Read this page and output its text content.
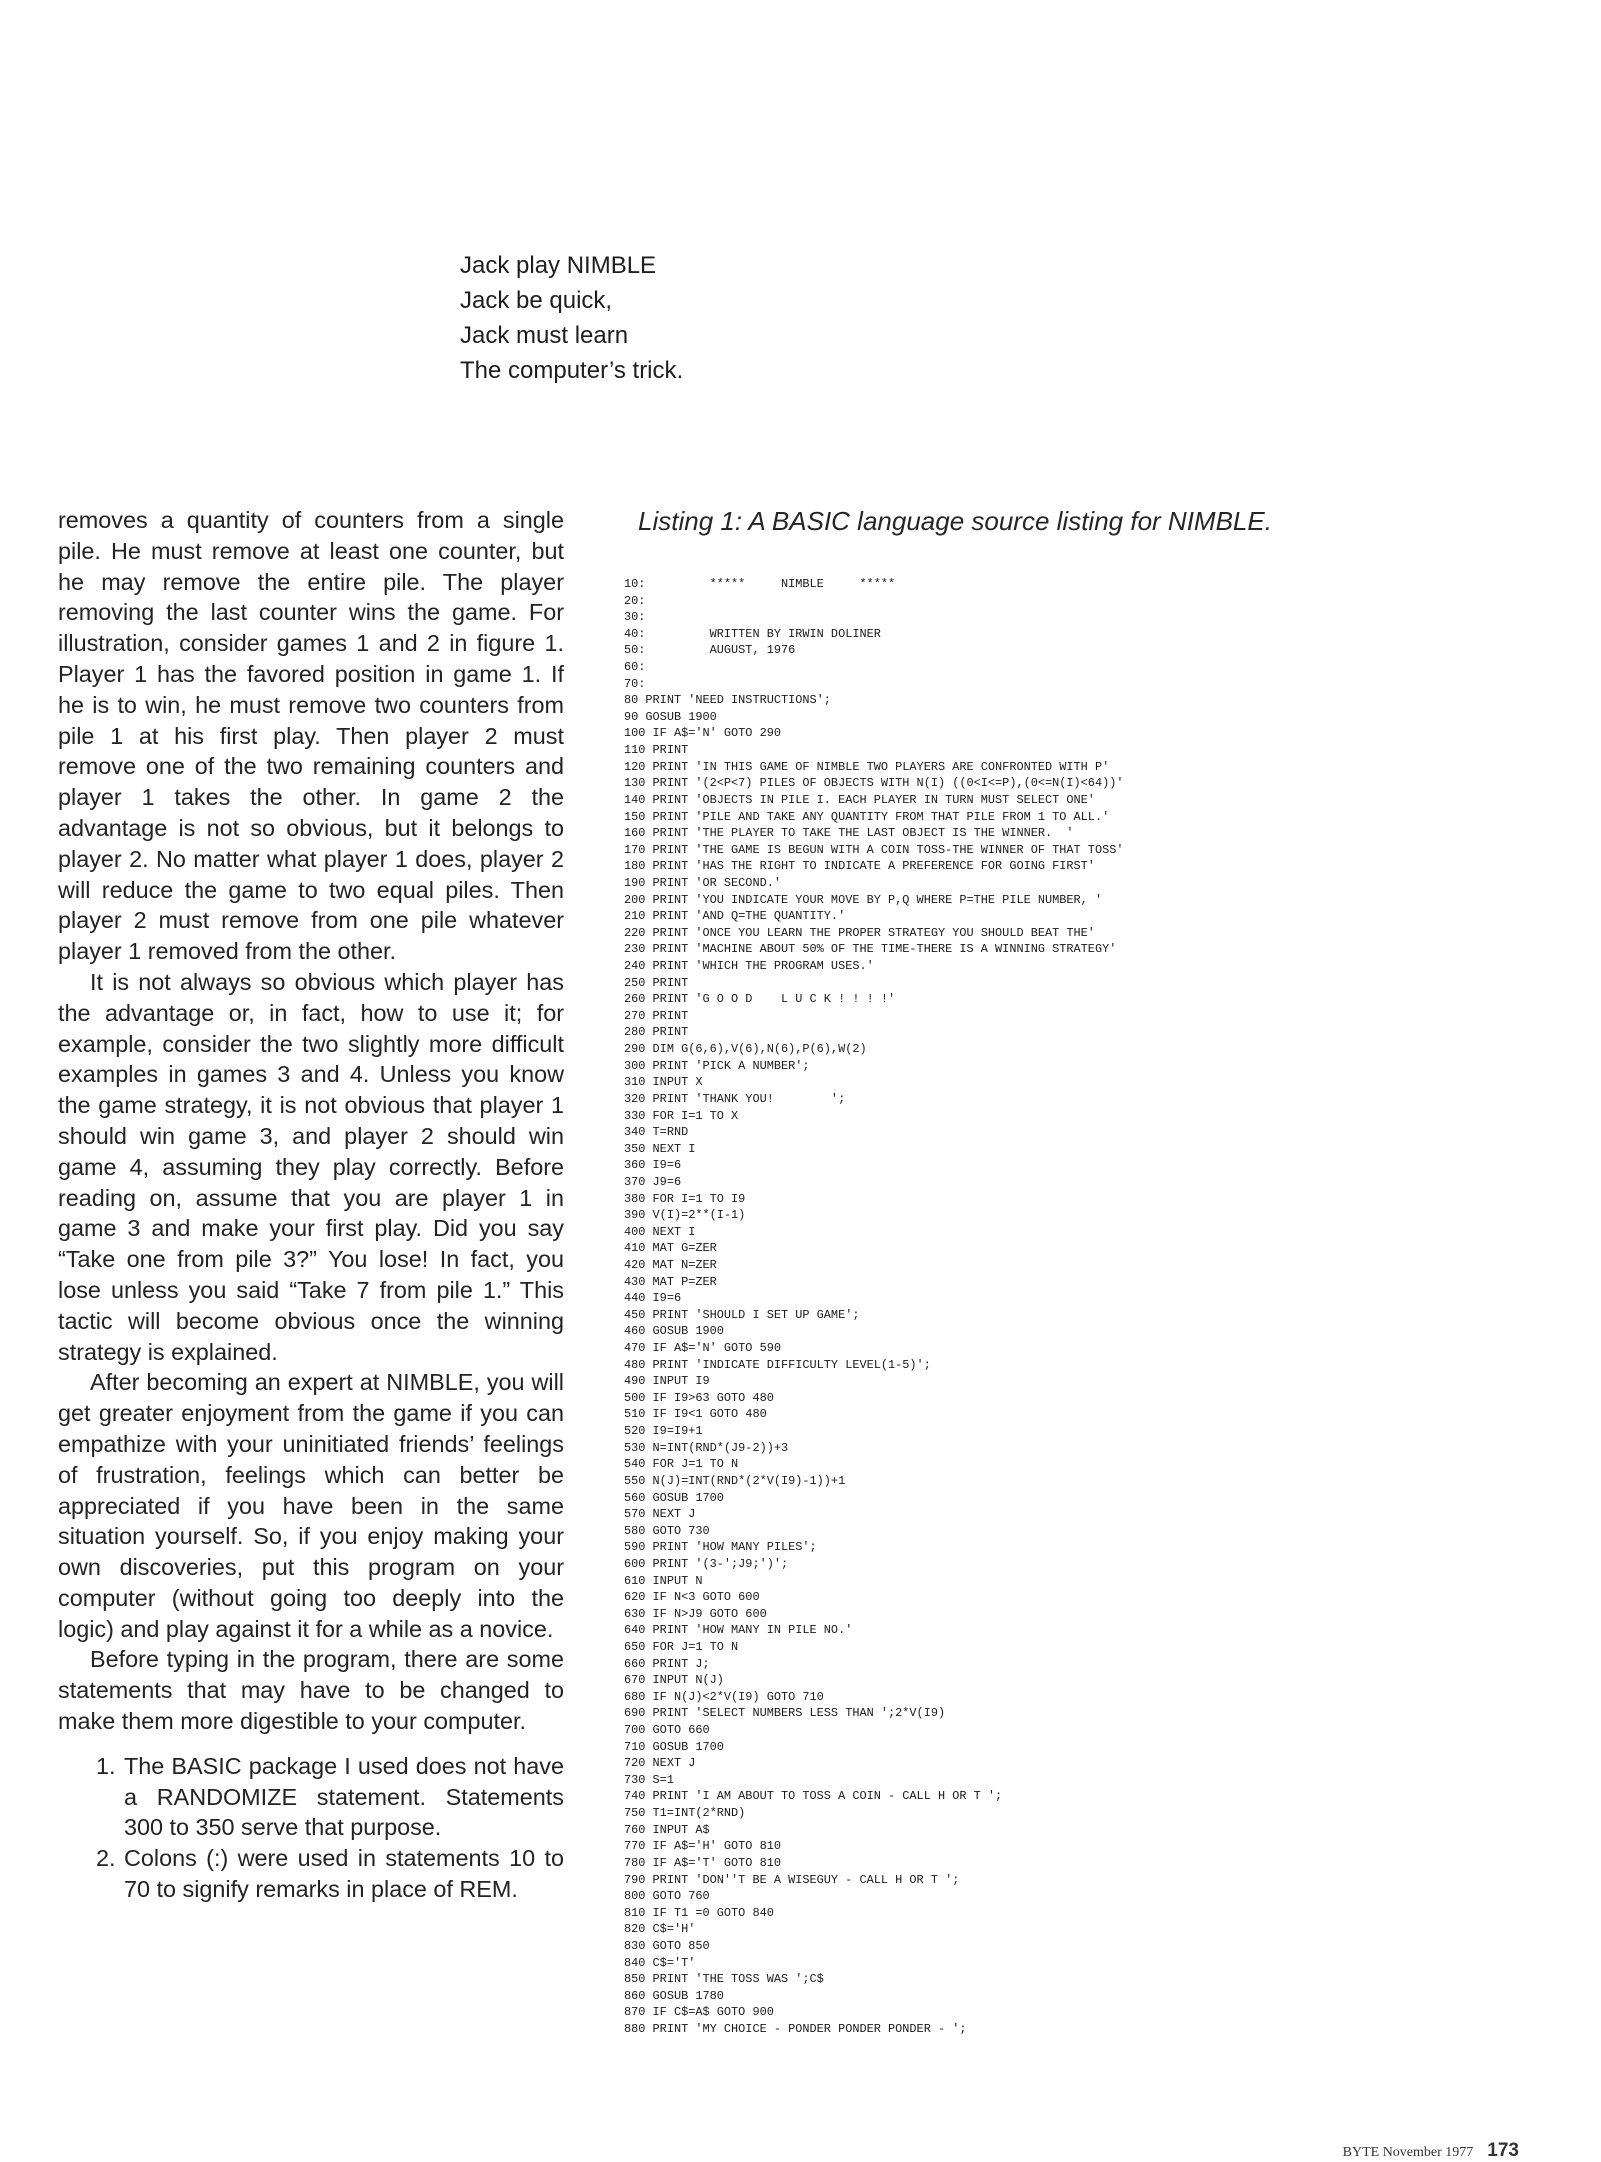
Jack play NIMBLE
Jack be quick,
Jack must learn
The computer’s trick.

removes a quantity of counters from a single pile. He must remove at least one counter, but he may remove the entire pile. The player removing the last counter wins the game. For illustration, consider games 1 and 2 in figure 1. Player 1 has the favored position in game 1. If he is to win, he must remove two counters from pile 1 at his first play. Then player 2 must remove one of the two remaining counters and player 1 takes the other. In game 2 the advantage is not so obvious, but it belongs to player 2. No matter what player 1 does, player 2 will reduce the game to two equal piles. Then player 2 must remove from one pile whatever player 1 removed from the other.

It is not always so obvious which player has the advantage or, in fact, how to use it; for example, consider the two slightly more difficult examples in games 3 and 4. Unless you know the game strategy, it is not obvious that player 1 should win game 3, and player 2 should win game 4, assuming they play correctly. Before reading on, assume that you are player 1 in game 3 and make your first play. Did you say “Take one from pile 3?” You lose! In fact, you lose unless you said “Take 7 from pile 1.” This tactic will become obvious once the winning strategy is explained.

After becoming an expert at NIMBLE, you will get greater enjoyment from the game if you can empathize with your uninitiated friends’ feelings of frustration, feelings which can better be appreciated if you have been in the same situation yourself. So, if you enjoy making your own discoveries, put this program on your computer (without going too deeply into the logic) and play against it for a while as a novice.

Before typing in the program, there are some statements that may have to be changed to make them more digestible to your computer.

1. The BASIC package I used does not have a RANDOMIZE statement. Statements 300 to 350 serve that purpose.
2. Colons (:) were used in statements 10 to 70 to signify remarks in place of REM.
Listing 1: A BASIC language source listing for NIMBLE.
10:         *****     NIMBLE     *****
20:
30:
40:         WRITTEN BY IRWIN DOLINER
50:         AUGUST, 1976
60:
70:
80 PRINT 'NEED INSTRUCTIONS';
90 GOSUB 1900
100 IF A$='N' GOTO 290
110 PRINT
120 PRINT 'IN THIS GAME OF NIMBLE TWO PLAYERS ARE CONFRONTED WITH P'
130 PRINT '(2<P<7) PILES OF OBJECTS WITH N(I) ((0<I<=P),(0<=N(I)<64))'
140 PRINT 'OBJECTS IN PILE I. EACH PLAYER IN TURN MUST SELECT ONE'
150 PRINT 'PILE AND TAKE ANY QUANTITY FROM THAT PILE FROM 1 TO ALL.'
160 PRINT 'THE PLAYER TO TAKE THE LAST OBJECT IS THE WINNER.  '
170 PRINT 'THE GAME IS BEGUN WITH A COIN TOSS-THE WINNER OF THAT TOSS'
180 PRINT 'HAS THE RIGHT TO INDICATE A PREFERENCE FOR GOING FIRST'
190 PRINT 'OR SECOND.'
200 PRINT 'YOU INDICATE YOUR MOVE BY P,Q WHERE P=THE PILE NUMBER, '
210 PRINT 'AND Q=THE QUANTITY.'
220 PRINT 'ONCE YOU LEARN THE PROPER STRATEGY YOU SHOULD BEAT THE'
230 PRINT 'MACHINE ABOUT 50% OF THE TIME-THERE IS A WINNING STRATEGY'
240 PRINT 'WHICH THE PROGRAM USES.'
250 PRINT
260 PRINT 'G O O D    L U C K ! ! ! !'
270 PRINT
280 PRINT
290 DIM G(6,6),V(6),N(6),P(6),W(2)
300 PRINT 'PICK A NUMBER';
310 INPUT X
320 PRINT 'THANK YOU!        ';
330 FOR I=1 TO X
340 T=RND
350 NEXT I
360 I9=6
370 J9=6
380 FOR I=1 TO I9
390 V(I)=2**(I-1)
400 NEXT I
410 MAT G=ZER
420 MAT N=ZER
430 MAT P=ZER
440 I9=6
450 PRINT 'SHOULD I SET UP GAME';
460 GOSUB 1900
470 IF A$='N' GOTO 590
480 PRINT 'INDICATE DIFFICULTY LEVEL(1-5)';
490 INPUT I9
500 IF I9>63 GOTO 480
510 IF I9<1 GOTO 480
520 I9=I9+1
530 N=INT(RND*(J9-2))+3
540 FOR J=1 TO N
550 N(J)=INT(RND*(2*V(I9)-1))+1
560 GOSUB 1700
570 NEXT J
580 GOTO 730
590 PRINT 'HOW MANY PILES';
600 PRINT '(3-';J9;')';
610 INPUT N
620 IF N<3 GOTO 600
630 IF N>J9 GOTO 600
640 PRINT 'HOW MANY IN PILE NO.'
650 FOR J=1 TO N
660 PRINT J;
670 INPUT N(J)
680 IF N(J)<2*V(I9) GOTO 710
690 PRINT 'SELECT NUMBERS LESS THAN ';2*V(I9)
700 GOTO 660
710 GOSUB 1700
720 NEXT J
730 S=1
740 PRINT 'I AM ABOUT TO TOSS A COIN - CALL H OR T ';
750 T1=INT(2*RND)
760 INPUT A$
770 IF A$='H' GOTO 810
780 IF A$='T' GOTO 810
790 PRINT 'DON''T BE A WISEGUY - CALL H OR T ';
800 GOTO 760
810 IF T1 =0 GOTO 840
820 C$='H'
830 GOTO 850
840 C$='T'
850 PRINT 'THE TOSS WAS ';C$
860 GOSUB 1780
870 IF C$=A$ GOTO 900
880 PRINT 'MY CHOICE - PONDER PONDER PONDER - ';
BYTE November 1977 173
